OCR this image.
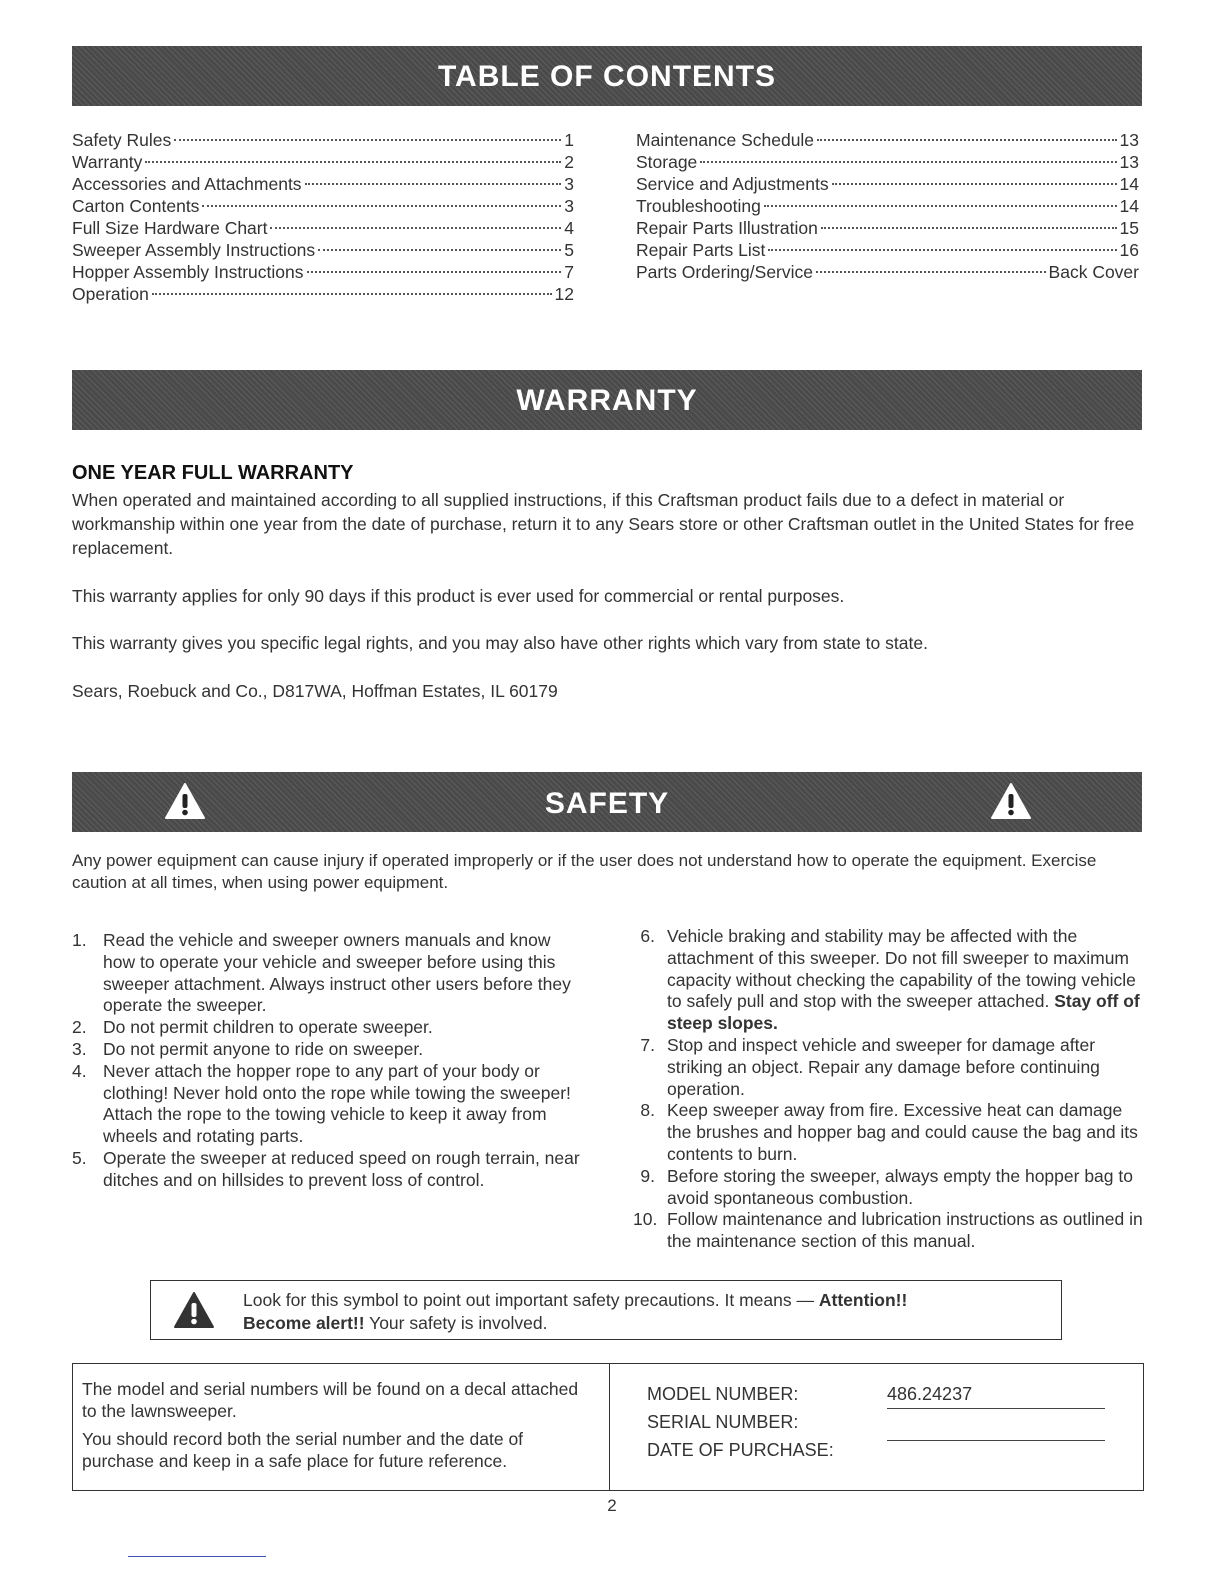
TABLE OF CONTENTS
Safety Rules	1
Warranty	2
Accessories and Attachments	3
Carton Contents	3
Full Size Hardware Chart	4
Sweeper Assembly Instructions	5
Hopper Assembly Instructions	7
Operation	12
Maintenance Schedule	13
Storage	13
Service and Adjustments	14
Troubleshooting	14
Repair Parts Illustration	15
Repair Parts List	16
Parts Ordering/Service	Back Cover
WARRANTY
ONE YEAR FULL WARRANTY

When operated and maintained according to all supplied instructions, if this Craftsman product fails due to a defect in material or workmanship within one year from the date of purchase, return it to any Sears store or other Craftsman outlet in the United States for free replacement.

This warranty applies for only 90 days if this product is ever used for commercial or rental purposes.

This warranty gives you specific legal rights, and you may also have other rights which vary from state to state.

Sears, Roebuck and Co., D817WA, Hoffman Estates, IL 60179

SAFETY

Any power equipment can cause injury if operated improperly or if the user does not understand how to operate the equipment. Exercise caution at all times, when using power equipment.

1. Read the vehicle and sweeper owners manuals and know how to operate your vehicle and sweeper before using this sweeper attachment. Always instruct other users before they operate the sweeper.
2. Do not permit children to operate sweeper.
3. Do not permit anyone to ride on sweeper.
4. Never attach the hopper rope to any part of your body or clothing! Never hold onto the rope while towing the sweeper! Attach the rope to the towing vehicle to keep it away from wheels and rotating parts.
5. Operate the sweeper at reduced speed on rough terrain, near ditches and on hillsides to prevent loss of control.
6. Vehicle braking and stability may be affected with the attachment of this sweeper. Do not fill sweeper to maximum capacity without checking the capability of the towing vehicle to safely pull and stop with the sweeper attached. Stay off of steep slopes.
7. Stop and inspect vehicle and sweeper for damage after striking an object. Repair any damage before continuing operation.
8. Keep sweeper away from fire. Excessive heat can damage the brushes and hopper bag and could cause the bag and its contents to burn.
9. Before storing the sweeper, always empty the hopper bag to avoid spontaneous combustion.
10. Follow maintenance and lubrication instructions as outlined in the maintenance section of this manual.
Look for this symbol to point out important safety precautions. It means — Attention!!
Become alert!! Your safety is involved.

The model and serial numbers will be found on a decal attached to the lawnsweeper.

You should record both the serial number and the date of purchase and keep in a safe place for future reference.

MODEL NUMBER:	486.24237
SERIAL NUMBER:
DATE OF PURCHASE:
2
